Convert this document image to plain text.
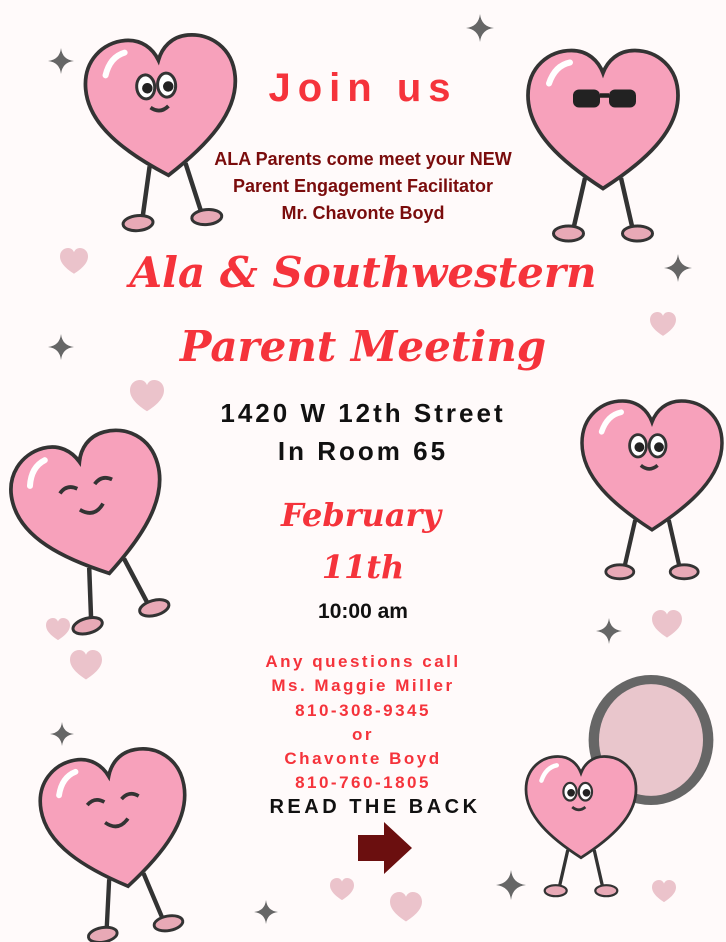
Join us
ALA Parents come meet your NEW
Parent Engagement Facilitator
Mr. Chavonte Boyd
Ala & Southwestern
Parent Meeting
1420 W 12th Street
In Room 65
February
11th
10:00 am
Any questions call
Ms. Maggie Miller
810-308-9345
or
Chavonte Boyd
810-760-1805
READ THE BACK
